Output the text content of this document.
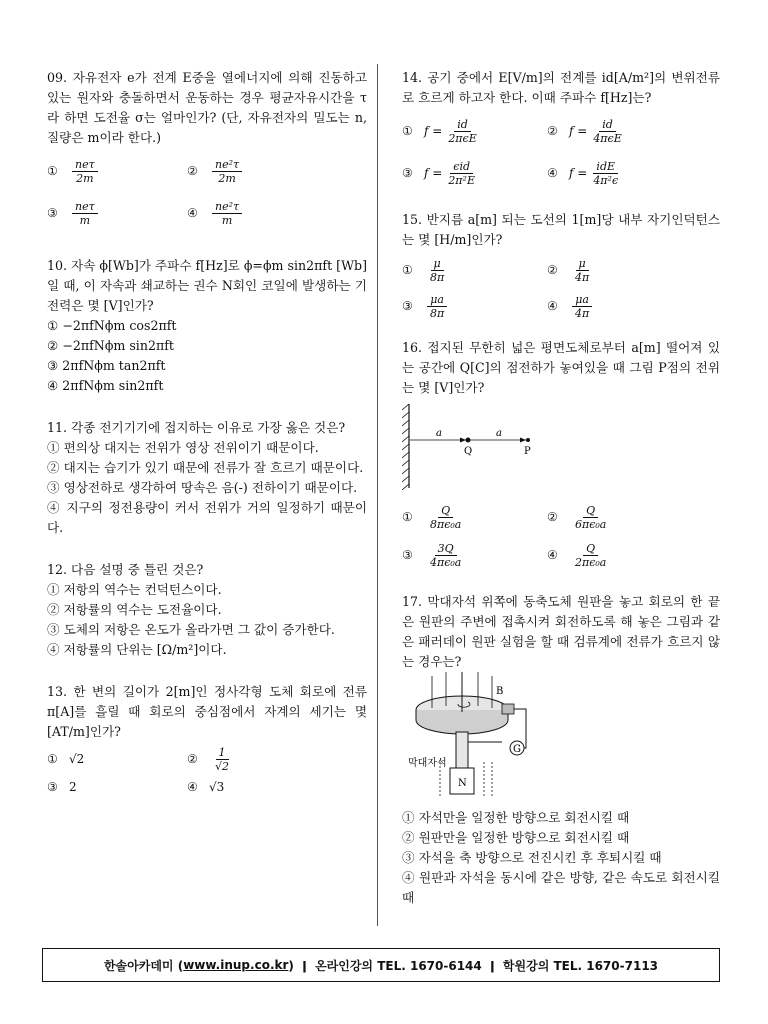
09. 자유전자 e가 전계 E중을 열에너지에 의해 진동하고 있는 원자와 충돌하면서 운동하는 경우 평균자유시간을 τ라 하면 도전율 σ는 얼마인가? (단, 자유전자의 밀도는 n, 질량은 m이라 한다.)

①	$\frac{\text{neτ}}{2m}$	②	$\frac{\text{ne²τ}}{2m}$
③	$\frac{\text{neτ}}{m}$	④	$\frac{\text{ne²τ}}{m}$

10. 자속 ϕ[Wb]가 주파수 f[Hz]로 ϕ=ϕm sin2πft [Wb]일 때, 이 자속과 쇄교하는 권수 N회인 코일에 발생하는 기전력은 몇 [V]인가?

① −2πfNϕm cos2πft

② −2πfNϕm sin2πft

③ 2πfNϕm tan2πft

④ 2πfNϕm sin2πft

11. 각종 전기기기에 접지하는 이유로 가장 옳은 것은?

① 편의상 대지는 전위가 영상 전위이기 때문이다.

② 대지는 습기가 있기 때문에 전류가 잘 흐르기 때문이다.

③ 영상전하로 생각하여 땅속은 음(-) 전하이기 때문이다.

④ 지구의 정전용량이 커서 전위가 거의 일정하기 때문이다.

12. 다음 설명 중 틀린 것은?

① 저항의 역수는 컨덕턴스이다.

② 저항률의 역수는 도전율이다.

③ 도체의 저항은 온도가 올라가면 그 값이 증가한다.

④ 저항률의 단위는 [Ω/m²]이다.

13. 한 변의 길이가 2[m]인 정사각형 도체 회로에 전류 π[A]를 흘릴 때 회로의 중심점에서 자계의 세기는 몇 [AT/m]인가?

① √2	②	$\frac{1}{√2}$
③ 2	④ √3

14. 공기 중에서 E[V/m]의 전계를 id[A/m²]의 변위전류로 흐르게 하고자 한다. 이때 주파수 f[Hz]는?

① $f = \frac{id}{\text{2πϵE}}$	② $f = \frac{id}{\text{4πϵE}}$
③ $f = \frac{\text{ϵid}}{\text{2π²E}}$	④ $f = \frac{\text{idE}}{\text{4π²ϵ}}$

15. 반지름 a[m] 되는 도선의 1[m]당 내부 자기인덕턴스는 몇 [H/m]인가?

①	$\frac{\mu}{8\pi}$	②	$\frac{\mu}{4\pi}$
③	$\frac{\mu a}{8\pi}$	④	$\frac{\mu a}{4\pi}$

16. 접지된 무한히 넓은 평면도체로부터 a[m] 떨어져 있는 공간에 Q[C]의 점전하가 놓여있을 때 그림 P점의 전위는 몇 [V]인가?

a	a
Q	P
①	$\frac{Q}{\text{8πϵ₀a}}$	②	$\frac{Q}{\text{6πϵ₀a}}$
③	$\frac{3Q}{\text{4πϵ₀a}}$	④	$\frac{Q}{\text{2πϵ₀a}}$

17. 막대자석 위쪽에 동축도체 원판을 놓고 회로의 한 끝은 원판의 주변에 접촉시켜 회전하도록 해 놓은 그림과 같은 패러데이 원판 실험을 할 때 검류계에 전류가 흐르지 않는 경우는?

G
B
N
막대자석

① 자석만을 일정한 방향으로 회전시킬 때

② 원판만을 일정한 방향으로 회전시킬 때

③ 자석을 축 방향으로 전진시킨 후 후퇴시킬 때

④ 원판과 자석을 동시에 같은 방향, 같은 속도로 회전시킬 때

한솔아카데미 ( www.inup.co.kr )  ǀ  온라인강의 TEL. 1670-6144  ǀ  학원강의 TEL. 1670-7113
